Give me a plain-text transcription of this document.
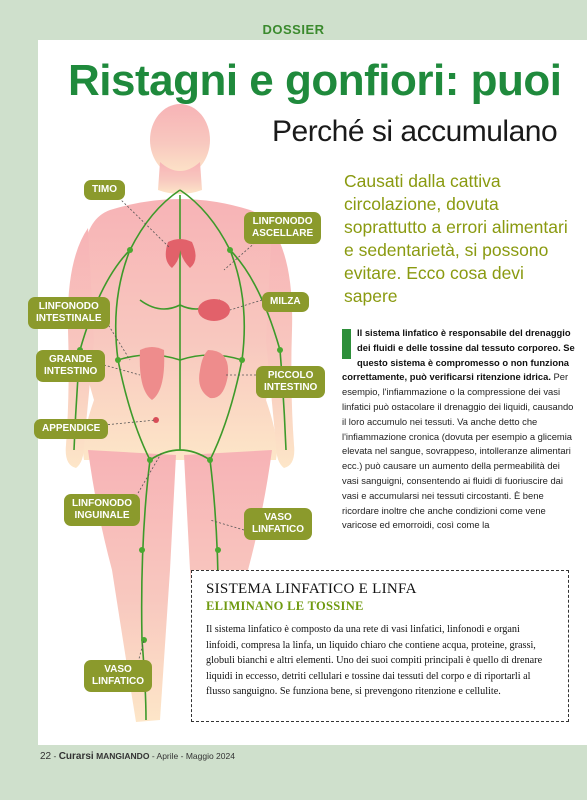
DOSSIER
TIMO
LINFONODO
ASCELLARE
MILZA
LINFONODO
INTESTINALE
GRANDE
INTESTINO	PICCOLO
INTESTINO
APPENDICE
LINFONODO
INGUINALE	VASO
LINFATICO
VASO
LINFATICO
Ristagni e gonfiori: puoi
Perché si accumulano
Causati dalla cattiva circolazione, dovuta soprattutto a errori alimentari e sedentarietà, si possono evitare. Ecco cosa devi sapere
Il sistema linfatico è responsabile del drenaggio dei fluidi e delle tossine dal tessuto corporeo. Se questo sistema è compromesso o non funziona correttamente, può verificarsi ritenzione idrica. Per esempio, l'infiammazione o la compressione dei vasi linfatici può ostacolare il drenaggio dei liquidi, causando il loro accumulo nei tessuti. Va anche detto che l'infiammazione cronica (dovuta per esempio a glicemia elevata nel sangue, sovrappeso, intolleranze alimentari ecc.) può causare un aumento della permeabilità dei vasi sanguigni, consentendo ai fluidi di fuoriuscire dai vasi e accumularsi nei tessuti circostanti. È bene ricordare inoltre che anche condizioni come vene varicose ed emorroidi, così come la
SISTEMA LINFATICO E LINFA
ELIMINANO LE TOSSINE
Il sistema linfatico è composto da una rete di vasi linfatici, linfonodi e organi linfoidi, compresa la linfa, un liquido chiaro che contiene acqua, proteine, grassi, globuli bianchi e altri elementi. Uno dei suoi compiti principali è quello di drenare liquidi in eccesso, detriti cellulari e tossine dai tessuti del corpo e di riportarli al flusso sanguigno. Se funziona bene, si prevengono ritenzione e cellulite.
22 - Curarsi MANGIANDO - Aprile - Maggio 2024
